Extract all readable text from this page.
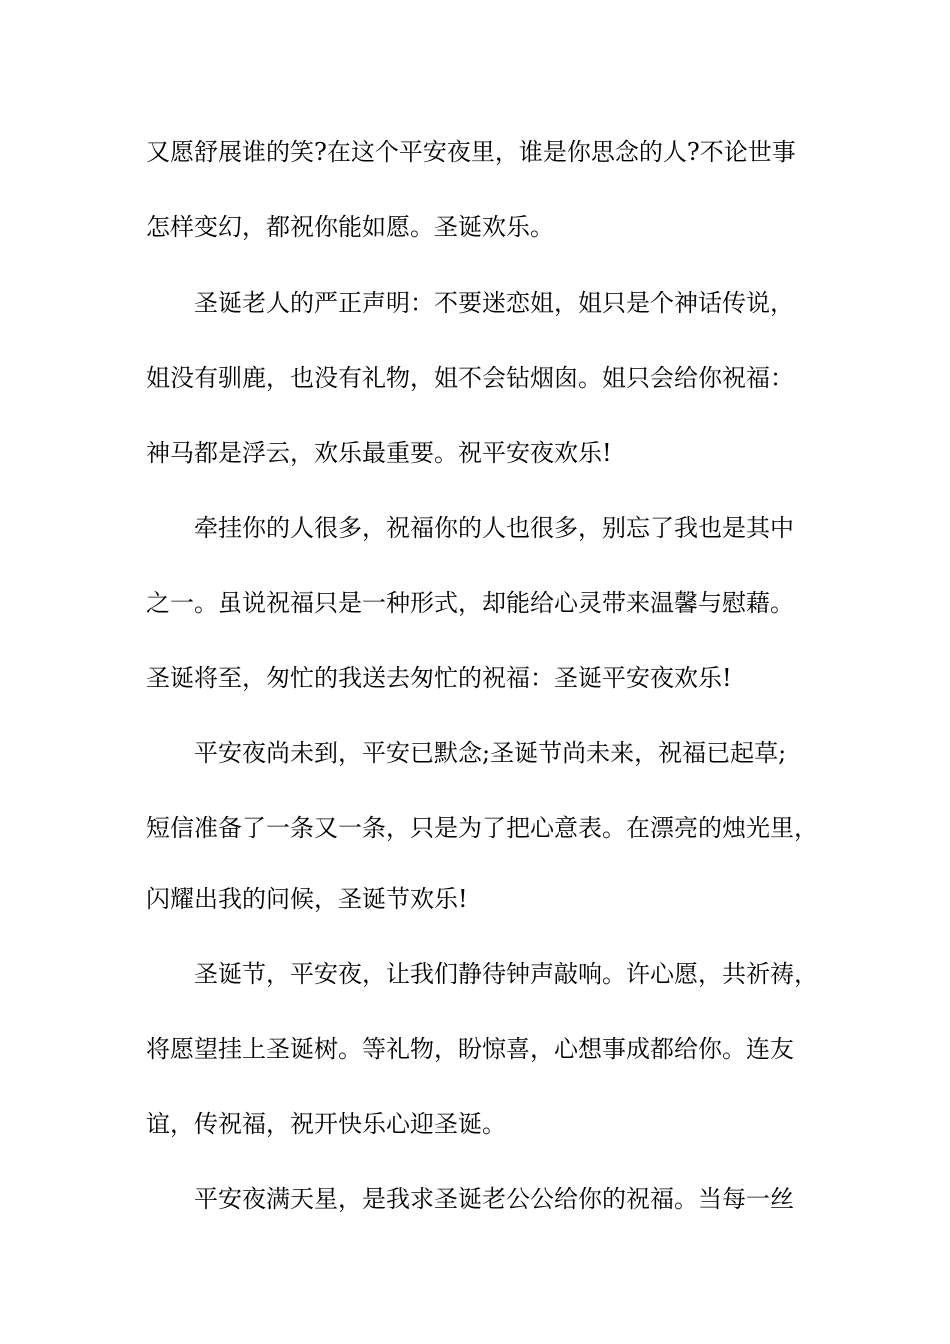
又愿舒展谁的笑?在这个平安夜里，谁是你思念的人?不论世事
怎样变幻，都祝你能如愿。圣诞欢乐。
圣诞老人的严正声明：不要迷恋姐，姐只是个神话传说，
姐没有驯鹿，也没有礼物，姐不会钻烟囱。姐只会给你祝福：
神马都是浮云，欢乐最重要。祝平安夜欢乐!
牵挂你的人很多，祝福你的人也很多，别忘了我也是其中
之一。虽说祝福只是一种形式，却能给心灵带来温馨与慰藉。
圣诞将至，匆忙的我送去匆忙的祝福：圣诞平安夜欢乐!
平安夜尚未到，平安已默念;圣诞节尚未来，祝福已起草;
短信准备了一条又一条，只是为了把心意表。在漂亮的烛光里，
闪耀出我的问候，圣诞节欢乐!
圣诞节，平安夜，让我们静待钟声敲响。许心愿，共祈祷，
将愿望挂上圣诞树。等礼物，盼惊喜，心想事成都给你。连友
谊，传祝福，祝开快乐心迎圣诞。
平安夜满天星，是我求圣诞老公公给你的祝福。当每一丝
